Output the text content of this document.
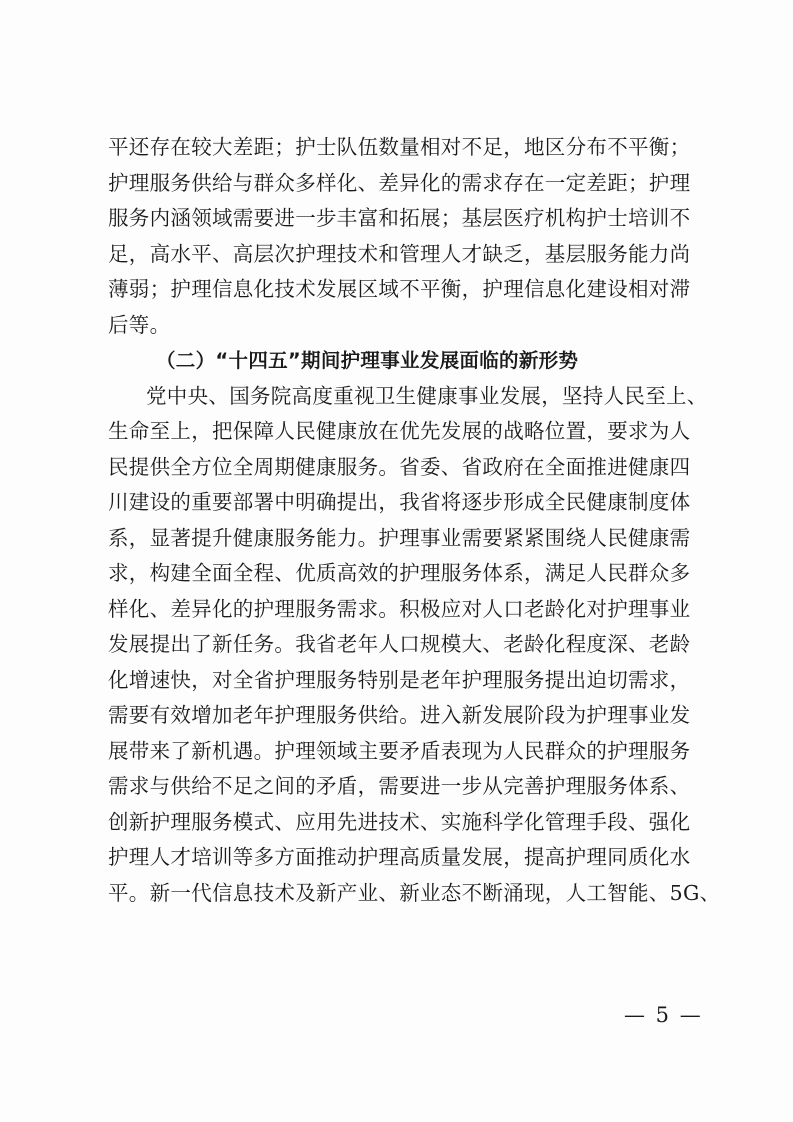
平还存在较大差距；护士队伍数量相对不足，地区分布不平衡；
护理服务供给与群众多样化、差异化的需求存在一定差距；护理
服务内涵领域需要进一步丰富和拓展；基层医疗机构护士培训不
足，高水平、高层次护理技术和管理人才缺乏，基层服务能力尚
薄弱；护理信息化技术发展区域不平衡，护理信息化建设相对滞
后等。
（二）“十四五”期间护理事业发展面临的新形势
党中央、国务院高度重视卫生健康事业发展，坚持人民至上、
生命至上，把保障人民健康放在优先发展的战略位置，要求为人
民提供全方位全周期健康服务。省委、省政府在全面推进健康四
川建设的重要部署中明确提出，我省将逐步形成全民健康制度体
系，显著提升健康服务能力。护理事业需要紧紧围绕人民健康需
求，构建全面全程、优质高效的护理服务体系，满足人民群众多
样化、差异化的护理服务需求。积极应对人口老龄化对护理事业
发展提出了新任务。我省老年人口规模大、老龄化程度深、老龄
化增速快，对全省护理服务特别是老年护理服务提出迫切需求，
需要有效增加老年护理服务供给。进入新发展阶段为护理事业发
展带来了新机遇。护理领域主要矛盾表现为人民群众的护理服务
需求与供给不足之间的矛盾，需要进一步从完善护理服务体系、
创新护理服务模式、应用先进技术、实施科学化管理手段、强化
护理人才培训等多方面推动护理高质量发展，提高护理同质化水
平。新一代信息技术及新产业、新业态不断涌现，人工智能、5G、
— 5 —
